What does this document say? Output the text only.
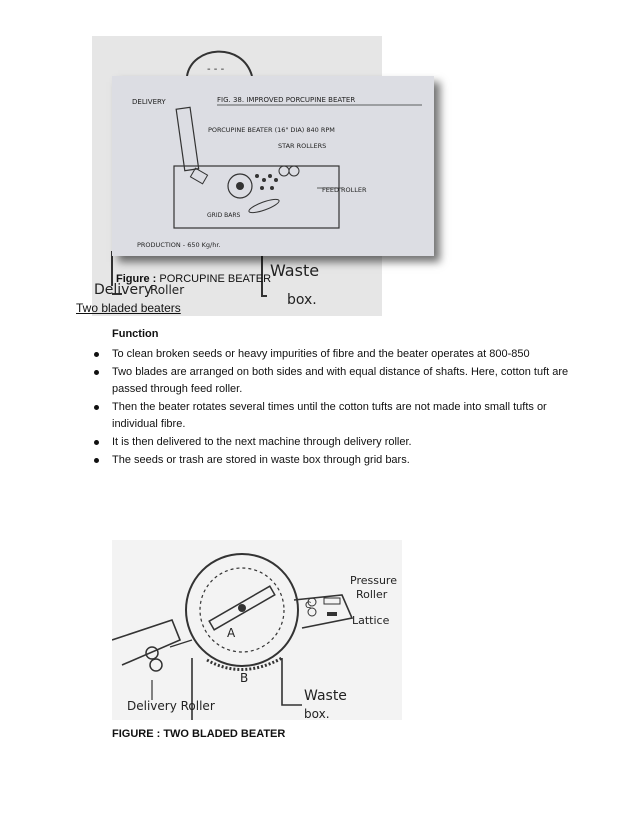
- - -
Waste
box.
Delivery
Roller
DELIVERY	FIG. 38. IMPROVED PORCUPINE BEATER
PORCUPINE BEATER (16" DIA) 840 RPM
STAR ROLLERS
FEED ROLLER
GRID BARS
PRODUCTION - 650 Kg/hr.
Figure : PORCUPINE BEATER
Two bladed beaters
Function
To clean broken seeds or heavy impurities of fibre and the beater operates at 800-850
Two blades are arranged on both sides and with equal distance of shafts. Here, cotton tuft are passed through feed roller.
Then the beater rotates several times until the cotton tufts are not made into small tufts or individual fibre.
It is then delivered to the next machine through delivery roller.
The seeds or trash are stored in waste box through grid bars.
Pressure
Roller
Lattice
C
A
B
Waste
box.
Delivery Roller
FIGURE : TWO BLADED BEATER
